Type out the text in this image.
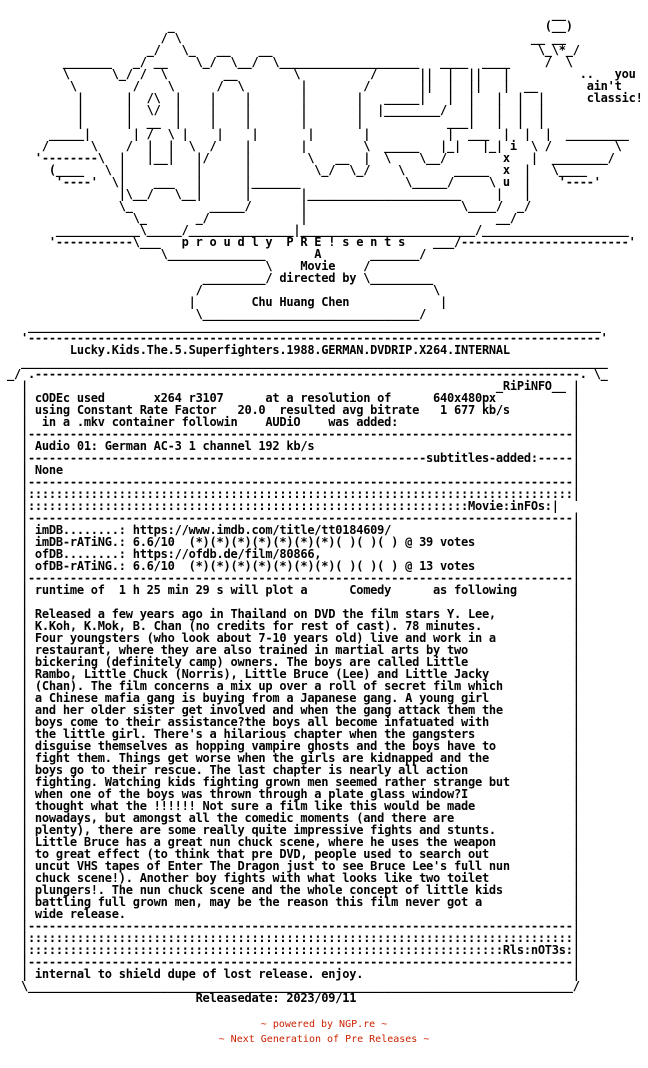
__
_                                                     (__)
/ \                                                  __ __
_/   \_   __    __                                      \_\*_/
_______   _/ __    \_/  \__/  \____________________   ____  ____     /  \
\      \_/ /  \        __        \          /      ||  |  ||   |          ..   you
\        /    \      /  \        |        /       ||  |  ||   |  __       ain't
|      |  /\  |    |    |       |       |   _____|   |  |   |  |  |      classic!
|      |  \/  |    |    |       |       |  |________/   |   |  |  |
|      |  __  |    |    |       |       |            ___|   |  |  |
_____|      | /  \ |    |    |       |       |           |  ___  |  |  |  _________
/      \    /  |  |  \  /    |       |        \  _____   |_|   |_| i  \ /         \
'--------\  |   |__|   |/     |        \   __  |  \    \__/        x   |  ________/
(____   \ |          |      |         \_/  \_/    \       _____  x  |   \____
'----'  \|    ___   |      |_______               \_____/     \ u  |    '----'
|\__/   \__|      |       |______________________     |   |
\_           _____/       |                      \____/  _/
\_       _/             |                           __/
____________\_____/_______________|_________________________/_____________________
'-----------\___   p r o u d l y  P R E ! s e n t s    ___/------------------------'
\______________       A       _______/
\    Movie    /
_________/ directed by \_________
/                                 \
|        Chu Huang Chen             |
\_______________________________/
__________________________________________________________________________________
'----------------------------------------------------------------------------------'
Lucky.Kids.The.5.Superfighters.1988.GERMAN.DVDRIP.X264.INTERNAL
____________________________________________________________________________________
_/ .------------------------------------------------------------------------------. \_
|                                                                   _RiPiNFO__ |
| cODEc used       x264 r3107      at a resolution of      640x480px           |
| using Constant Rate Factor   20.0  resulted avg bitrate   1 677 kb/s         |
|  in a .mkv container followin    AUDiO    was added:                         |
|------------------------------------------------------------------------------|
| Audio 01: German AC-3 1 channel 192 kb/s                                     |
|---------------------------------------------------------subtitles-added:-----|
| None                                                                         |
|------------------------------------------------------------------------------|
|::::::::::::::::::::::::::::::::::::::::::::::::::::::::::::::::::::::::::::::|
|:::::::::::::::::::::::::::::::::::::::::::::::::::::::::::::::Movie:inFOs:|
|------------------------------------------------------------------------------|
| imDB........: https://www.imdb.com/title/tt0184609/                          |
| imDB-rATiNG.: 6.6/10  (*)(*)(*)(*)(*)(*)(*)( )( )( ) @ 39 votes              |
| ofDB........: https://ofdb.de/film/80866,                                    |
| ofDB-rATiNG.: 6.6/10  (*)(*)(*)(*)(*)(*)(*)( )( )( ) @ 13 votes              |
|------------------------------------------------------------------------------|
| runtime of  1 h 25 min 29 s will plot a      Comedy      as following        |
|                                                                              |
| Released a few years ago in Thailand on DVD the film stars Y. Lee,           |
| K.Koh, K.Mok, B. Chan (no credits for rest of cast). 78 minutes.             |
| Four youngsters (who look about 7-10 years old) live and work in a           |
| restaurant, where they are also trained in martial arts by two               |
| bickering (definitely camp) owners. The boys are called Little               |
| Rambo, Little Chuck (Norris), Little Bruce (Lee) and Little Jacky            |
| (Chan). The film concerns a mix up over a roll of secret film which          |
| a Chinese mafia gang is buying from a Japanese gang. A young girl            |
| and her older sister get involved and when the gang attack them the          |
| boys come to their assistance?the boys all become infatuated with            |
| the little girl. There's a hilarious chapter when the gangsters              |
| disguise themselves as hopping vampire ghosts and the boys have to           |
| fight them. Things get worse when the girls are kidnapped and the            |
| boys go to their rescue. The last chapter is nearly all action               |
| fighting. Watching kids fighting grown men seemed rather strange but         |
| when one of the boys was thrown through a plate glass window?I               |
| thought what the !!!!!! Not sure a film like this would be made              |
| nowadays, but amongst all the comedic moments (and there are                 |
| plenty), there are some really quite impressive fights and stunts.           |
| Little Bruce has a great nun chuck scene, where he uses the weapon           |
| to great effect (to think that pre DVD, people used to search out            |
| uncut VHS tapes of Enter The Dragon just to see Bruce Lee's full nun         |
| chuck scene!). Another boy fights with what looks like two toilet            |
| plungers!. The nun chuck scene and the whole concept of little kids          |
| battling full grown men, may be the reason this film never got a             |
| wide release.                                                                |
|------------------------------------------------------------------------------|
|::::::::::::::::::::::::::::::::::::::::::::::::::::::::::::::::::::::::::::::|
|::::::::::::::::::::::::::::::::::::::::::::::::::::::::::::::::::::Rls:nOT3s:|
|------------------------------------------------------------------------------|
| internal to shield dupe of lost release. enjoy.                              |
\______________________________________________________________________________/
Releasedate: 2023/09/11
~ powered by NGP.re ~
~ Next Generation of Pre Releases ~
